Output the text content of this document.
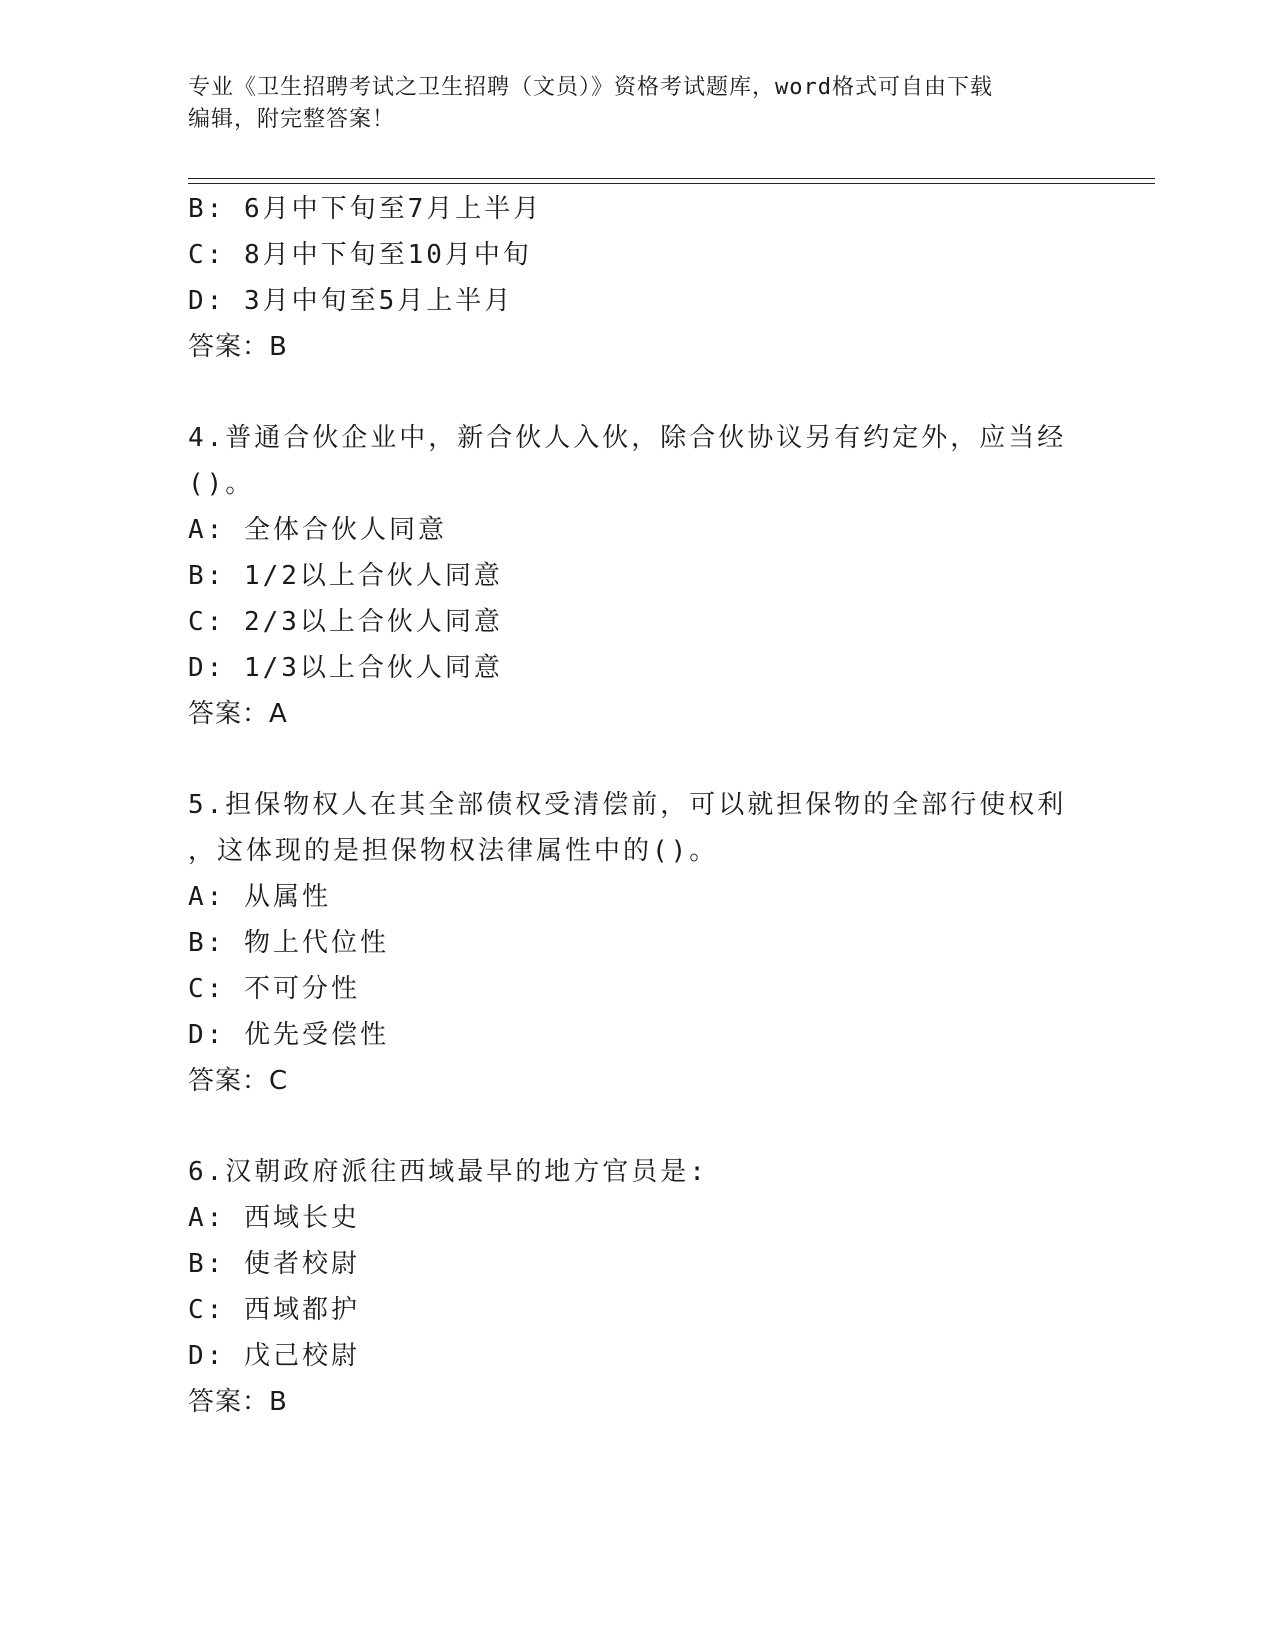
专业《卫生招聘考试之卫生招聘（文员）》资格考试题库，word格式可自由下载
编辑，附完整答案！
B: 6月中下旬至7月上半月
C: 8月中下旬至10月中旬
D: 3月中旬至5月上半月
答案：B
4.普通合伙企业中，新合伙人入伙，除合伙协议另有约定外，应当经
()。
A: 全体合伙人同意
B: 1/2以上合伙人同意
C: 2/3以上合伙人同意
D: 1/3以上合伙人同意
答案：A
5.担保物权人在其全部债权受清偿前，可以就担保物的全部行使权利
，这体现的是担保物权法律属性中的()。
A: 从属性
B: 物上代位性
C: 不可分性
D: 优先受偿性
答案：C
6.汉朝政府派往西域最早的地方官员是:
A: 西域长史
B: 使者校尉
C: 西域都护
D: 戊己校尉
答案：B
